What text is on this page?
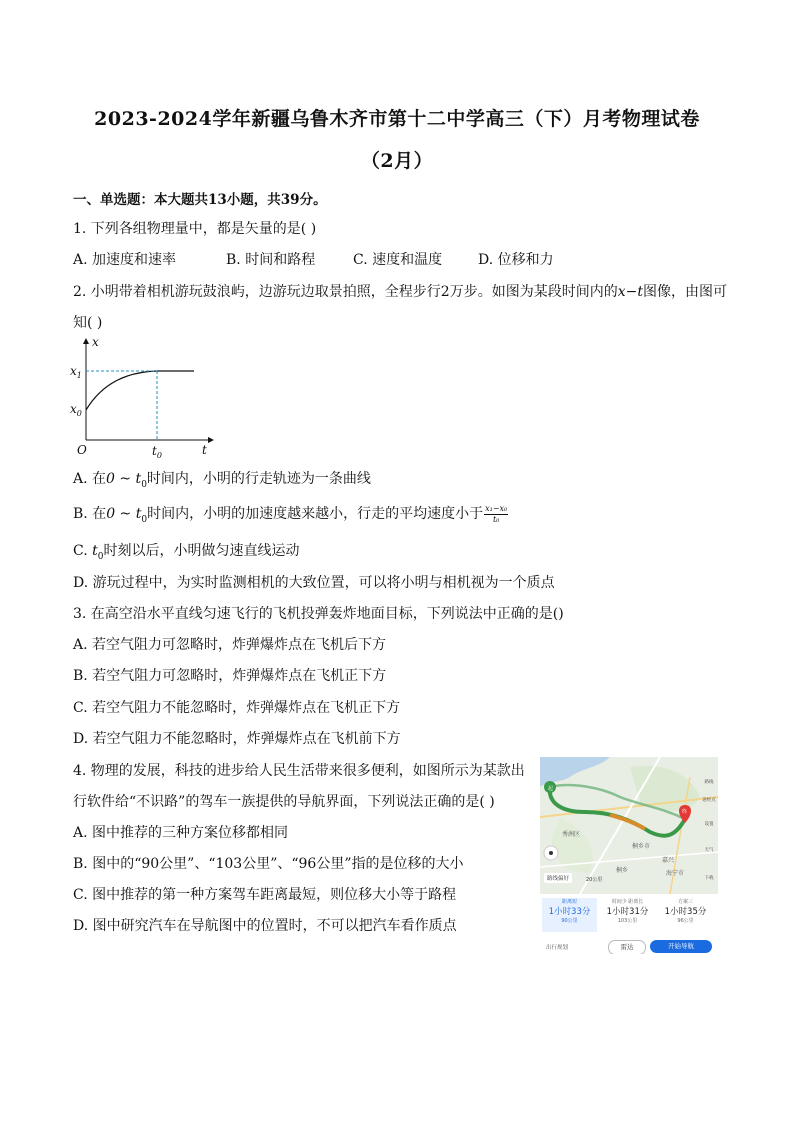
2023-2024学年新疆乌鲁木齐市第十二中学高三（下）月考物理试卷
（2月）
一、单选题：本大题共13小题，共39分。
1. 下列各组物理量中，都是矢量的是( )
A. 加速度和速率	B. 时间和路程	C. 速度和温度	D. 位移和力
2. 小明带着相机游玩鼓浪屿，边游玩边取景拍照，全程步行2万步。如图为某段时间内的x−t图像，由图可
知( )
x
$x_1$
$x_0$
O	$t_0$	t
A. 在0 ~ $t_0$时间内，小明的行走轨迹为一条曲线
B. 在0 ~ $t_0$时间内，小明的加速度越来越小，行走的平均速度小于 $\frac{\text{x₁−x₀}}{\text{t₀}}$
C. $t_0$时刻以后，小明做匀速直线运动
D. 游玩过程中，为实时监测相机的大致位置，可以将小明与相机视为一个质点
3. 在高空沿水平直线匀速飞行的飞机投弹轰炸地面目标，下列说法中正确的是()
A. 若空气阻力可忽略时，炸弹爆炸点在飞机后下方
B. 若空气阻力可忽略时，炸弹爆炸点在飞机正下方
C. 若空气阻力不能忽略时，炸弹爆炸点在飞机正下方
D. 若空气阻力不能忽略时，炸弹爆炸点在飞机前下方
4. 物理的发展，科技的进步给人民生活带来很多便利，如图所示为某款出
行软件给“不识路”的驾车一族提供的导航界面，下列说法正确的是( )
A. 图中推荐的三种方案位移都相同
B. 图中的“90公里”、“103公里”、“96公里”指的是位移的大小
C. 图中推荐的第一种方案驾车距离最短，则位移大小等于路程
D. 图中研究汽车在导航图中的位置时，不可以把汽车看作质点
起
终
桐乡市
海宁市
秀洲区
嘉兴
桐乡
路线
途经点
设置
天气
下载
路线偏好	20公里
距离短
1小时33分
90公里
时间少 距离长
1小时31分
103公里
方案三
1小时35分
96公里
出行规划	雷达	开始导航
